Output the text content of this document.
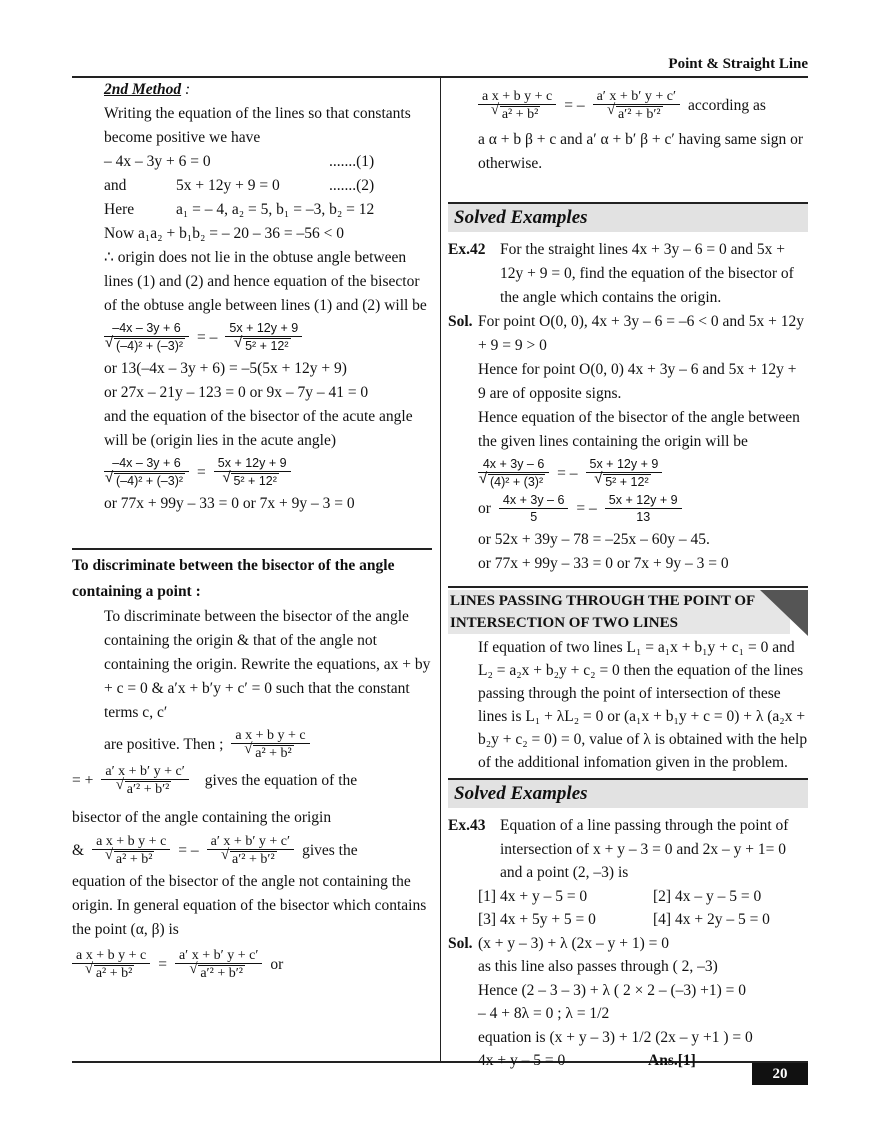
Point & Straight Line
20

2nd Method :

Writing the equation of the lines so that constants become positive we have

– 4x – 3y + 6 = 0	.......(1)

and	5x + 12y + 9 = 0	.......(2)

Here	a₁ = – 4, a₂ = 5, b₁ = –3, b₂ = 12

Now a₁a₂ + b₁b₂ = – 20 – 36 = –56 < 0

∴ origin does not lie in the obtuse angle between lines (1) and (2) and hence equation of the bisector of the obtuse angle between lines (1) and (2) will be

–4x – 3y + 6
√ (–4)² + (–3)² = – 5x + 12y + 9
√ 5² + 12²

or 13(–4x – 3y + 6) = –5(5x + 12y + 9)

or 27x – 21y – 123 = 0 or 9x – 7y – 41 = 0

and the equation of the bisector of the acute angle will be (origin lies in the acute angle)

–4x – 3y + 6
√ (–4)² + (–3)² = 5x + 12y + 9
√ 5² + 12²

or 77x + 99y – 33 = 0 or 7x + 9y – 3 = 0

To discriminate between the bisector of the angle containing a point :

To discriminate between the bisector of the angle containing the origin & that of the angle not containing the origin. Rewrite the equations, ax + by + c = 0 & a′x + b′y + c′ = 0 such that the constant terms c, c′

are positive. Then ; a x + b y + c
√ a² + b²
= + a′ x + b′ y + c′
√ a′² + b′² gives the equation of the

bisector of the angle containing the origin

& a x + b y + c
√ a² + b² = – a′ x + b′ y + c′
√ a′² + b′² gives the

equation of the bisector of the angle not containing the origin. In general equation of the bisector which contains the point (α, β) is

a x + b y + c
√ a² + b² = a′ x + b′ y + c′
√ a′² + b′² or
a x + b y + c
√ a² + b² = – a′ x + b′ y + c′
√ a′² + b′² according as

a α + b β + c and a′ α + b′ β + c′ having same sign or otherwise.

Solved Examples

Ex.42 For the straight lines 4x + 3y – 6 = 0 and 5x + 12y + 9 = 0, find the equation of the bisector of the angle which contains the origin.

Sol. For point O(0, 0), 4x + 3y – 6 = –6 < 0 and 5x + 12y + 9 = 9 > 0

Hence for point O(0, 0) 4x + 3y – 6 and 5x + 12y + 9 are of opposite signs.

Hence equation of the bisector of the angle between the given lines containing the origin will be

4x + 3y – 6
√ (4)² + (3)² = – 5x + 12y + 9
√ 5² + 12²
or $\frac{4x + 3y - 6}{5}$ = – $\frac{5x + 12y + 9}{13}$

or 52x + 39y – 78 = –25x – 60y – 45.

or 77x + 99y – 33 = 0 or 7x + 9y – 3 = 0

LINES PASSING THROUGH THE POINT OF INTERSECTION OF TWO LINES

If equation of two lines L₁ = a₁x + b₁y + c₁ = 0 and L₂ = a₂x + b₂y + c₂ = 0 then the equation of the lines passing through the point of intersection of these lines is L₁ + λL₂ = 0 or (a₁x + b₁y + c = 0) + λ (a₂x + b₂y + c₂ = 0) = 0, value of λ is obtained with the help of the additional infomation given in the problem.

Solved Examples

Ex.43 Equation of a line passing through the point of intersection of x + y – 3 = 0 and 2x – y + 1= 0 and a point (2, –3) is

[1] 4x + y – 5 = 0	[2] 4x – y – 5 = 0

[3] 4x + 5y + 5 = 0	[4] 4x + 2y – 5 = 0

Sol. (x + y – 3) + λ (2x – y + 1) = 0

as this line also passes through ( 2, –3)

Hence (2 – 3 – 3) + λ ( 2 × 2 – (–3) +1) = 0

– 4 + 8λ = 0 ; λ = 1/2

equation is (x + y – 3) + 1/2 (2x – y +1 ) = 0

4x + y – 5 = 0	Ans.[1]
